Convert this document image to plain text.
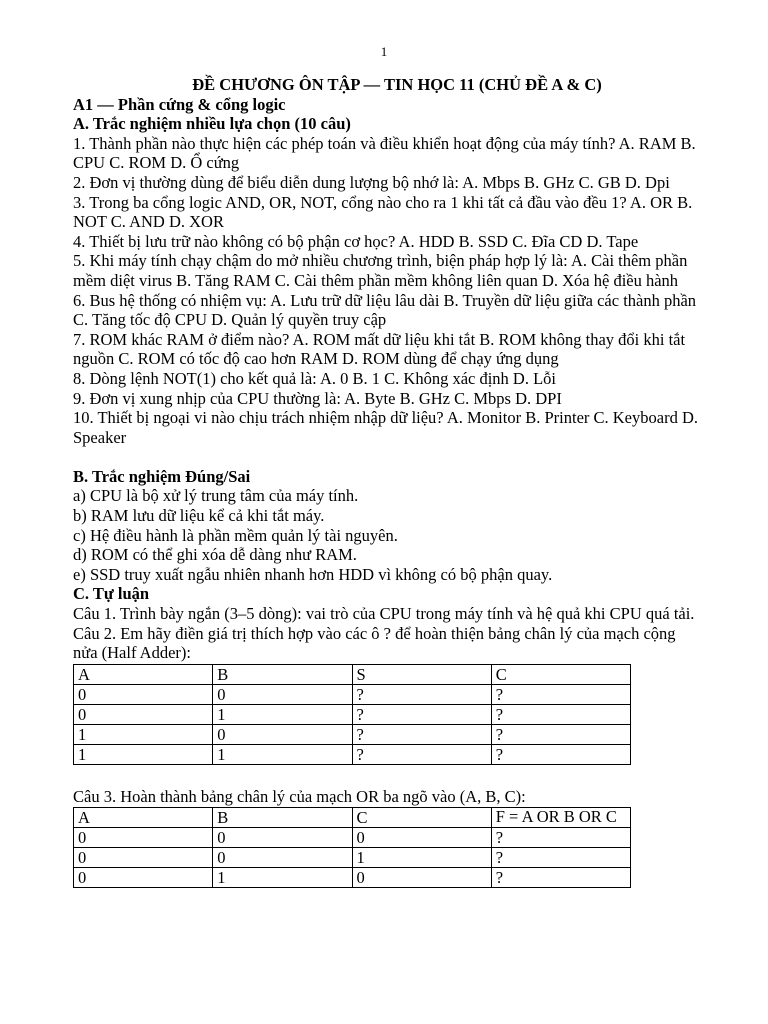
1

ĐỀ CHƯƠNG ÔN TẬP — TIN HỌC 11 (CHỦ ĐỀ A & C)

A1 — Phần cứng & cổng logic

A. Trắc nghiệm nhiều lựa chọn (10 câu)

1. Thành phần nào thực hiện các phép toán và điều khiển hoạt động của máy tính? A. RAM B. CPU C. ROM D. Ổ cứng

2. Đơn vị thường dùng để biểu diễn dung lượng bộ nhớ là: A. Mbps B. GHz C. GB D. Dpi

3. Trong ba cổng logic AND, OR, NOT, cổng nào cho ra 1 khi tất cả đầu vào đều 1? A. OR B. NOT C. AND D. XOR

4. Thiết bị lưu trữ nào không có bộ phận cơ học? A. HDD B. SSD C. Đĩa CD D. Tape

5. Khi máy tính chạy chậm do mở nhiều chương trình, biện pháp hợp lý là: A. Cài thêm phần mềm diệt virus B. Tăng RAM C. Cài thêm phần mềm không liên quan D. Xóa hệ điều hành

6. Bus hệ thống có nhiệm vụ: A. Lưu trữ dữ liệu lâu dài B. Truyền dữ liệu giữa các thành phần C. Tăng tốc độ CPU D. Quản lý quyền truy cập

7. ROM khác RAM ở điểm nào? A. ROM mất dữ liệu khi tắt B. ROM không thay đổi khi tắt nguồn C. ROM có tốc độ cao hơn RAM D. ROM dùng để chạy ứng dụng

8. Dòng lệnh NOT(1) cho kết quả là: A. 0 B. 1 C. Không xác định D. Lỗi

9. Đơn vị xung nhịp của CPU thường là: A. Byte B. GHz C. Mbps D. DPI

10. Thiết bị ngoại vi nào chịu trách nhiệm nhập dữ liệu? A. Monitor B. Printer C. Keyboard D. Speaker

B. Trắc nghiệm Đúng/Sai

a) CPU là bộ xử lý trung tâm của máy tính.

b) RAM lưu dữ liệu kể cả khi tắt máy.

c) Hệ điều hành là phần mềm quản lý tài nguyên.

d) ROM có thể ghi xóa dễ dàng như RAM.

e) SSD truy xuất ngẫu nhiên nhanh hơn HDD vì không có bộ phận quay.

C. Tự luận

Câu 1. Trình bày ngắn (3–5 dòng): vai trò của CPU trong máy tính và hệ quả khi CPU quá tải.

Câu 2. Em hãy điền giá trị thích hợp vào các ô ? để hoàn thiện bảng chân lý của mạch cộng nửa (Half Adder):

A	B	S	C
0	0	?	?
0	1	?	?
1	0	?	?
1	1	?	?

Câu 3. Hoàn thành bảng chân lý của mạch OR ba ngõ vào (A, B, C):

A	B	C	F = A OR B OR C
0	0	0	?
0	0	1	?
0	1	0	?
